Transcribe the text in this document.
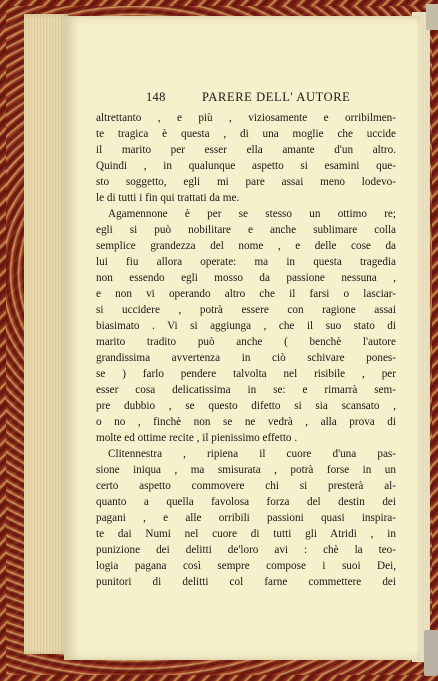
148	PARERE DELL' AUTORE
altrettanto , e più , viziosamente e orribilmen-
te tragica è questa , di una moglie che uccide
il marito per esser ella amante d'un altro.
Quindi , in qualunque aspetto si esamini que-
sto soggetto, egli mi pare assai meno lodevo-
le di tutti i fin qui trattati da me.
Agamennone è per se stesso un ottimo re;
egli si può nobilitare e anche sublimare colla
semplice grandezza del nome , e delle cose da
lui fiu allora operate: ma in questa tragedia
non essendo egli mosso da passione nessuna ,
e non vi operando altro che il farsi o lasciar-
si uccidere , potrà essere con ragione assai
biasimato . Vi si aggiunga , che il suo stato di
marito tradito può anche ( benchè l'autore
grandissima avvertenza in ciò schivare pones-
se ) farlo pendere talvolta nel risibile , per
esser cosa delicatissima in se: e rimarrà sem-
pre dubbio , se questo difetto si sia scansato ,
o no , finchè non se ne vedrà , alla prova di
molte ed ottime recite , il pienissimo effetto .
Clitennestra , ripiena il cuore d'una pas-
sione iniqua , ma smisurata , potrà forse in un
certo aspetto commovere chi si presterà al-
quanto a quella favolosa forza del destin dei
pagani , e alle orribili passioni quasi inspira-
te dai Numi nel cuore di tutti gli Atridi , in
punizione dei delitti de'loro avi : chè la teo-
logia pagana così sempre compose i suoi Dei,
punitori di delitti col farne commettere dei
